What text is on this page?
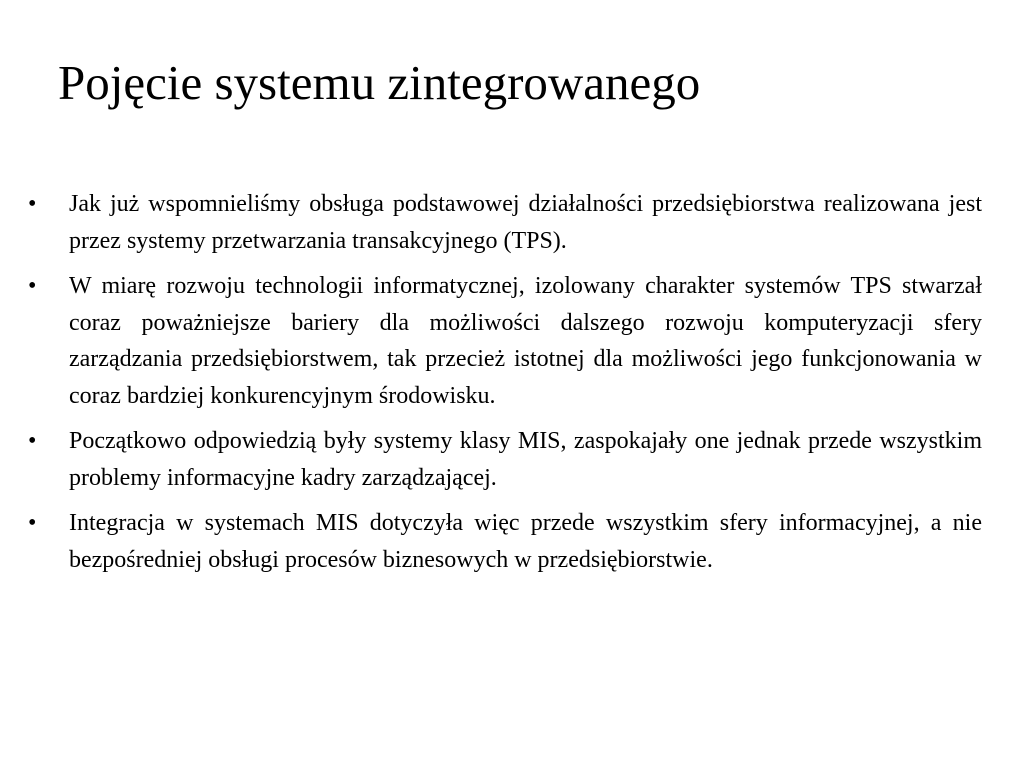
Pojęcie systemu zintegrowanego
•	Jak już wspomnieliśmy obsługa podstawowej działalności przedsiębiorstwa realizowana jest przez systemy przetwarzania transakcyjnego (TPS).
•	W miarę rozwoju technologii informatycznej, izolowany charakter systemów TPS stwarzał coraz poważniejsze bariery dla możliwości dalszego rozwoju komputeryzacji sfery zarządzania przedsiębiorstwem, tak przecież istotnej dla możliwości jego funkcjonowania w coraz bardziej konkurencyjnym środowisku.
•	Początkowo odpowiedzią były systemy klasy MIS, zaspokajały one jednak przede wszystkim problemy informacyjne kadry zarządzającej.
•	Integracja w systemach MIS dotyczyła więc przede wszystkim sfery informacyjnej, a nie bezpośredniej obsługi procesów biznesowych w przedsiębiorstwie.
